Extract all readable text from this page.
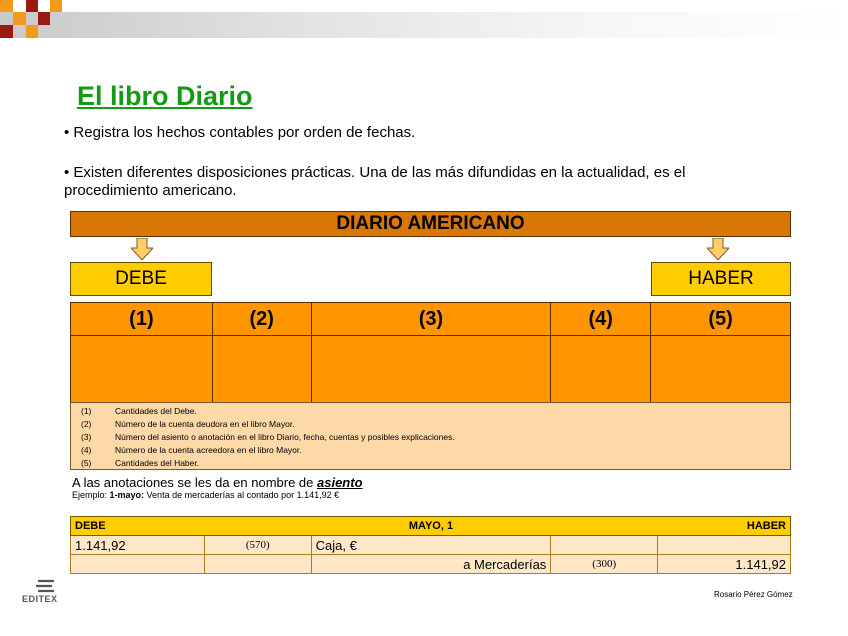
El libro Diario
• Registra los hechos contables por orden de fechas.
• Existen diferentes disposiciones prácticas. Una de las más difundidas en la actualidad, es el procedimiento americano.
DIARIO AMERICANO
DEBE	HABER
(1)	(2)	(3)	(4)	(5)

(1)	Cantidades del Debe.
(2)	Número de la cuenta deudora en el libro Mayor.
(3)	Número del asiento o anotación en el libro Diario, fecha, cuentas y posibles explicaciones.
(4)	Número de la cuenta acreedora en el libro Mayor.
(5)	Cantidades del Haber.
A las anotaciones se les da en nombre de asiento
Ejemplo: 1-mayo: Venta de mercaderías al contado por 1.141,92 €
DEBE		MAYO, 1	HABER	
1.141,92	(570)	Caja, €		
		a Mercaderías	(300)	1.141,92
EDITEX	Rosario Pérez Gómez
